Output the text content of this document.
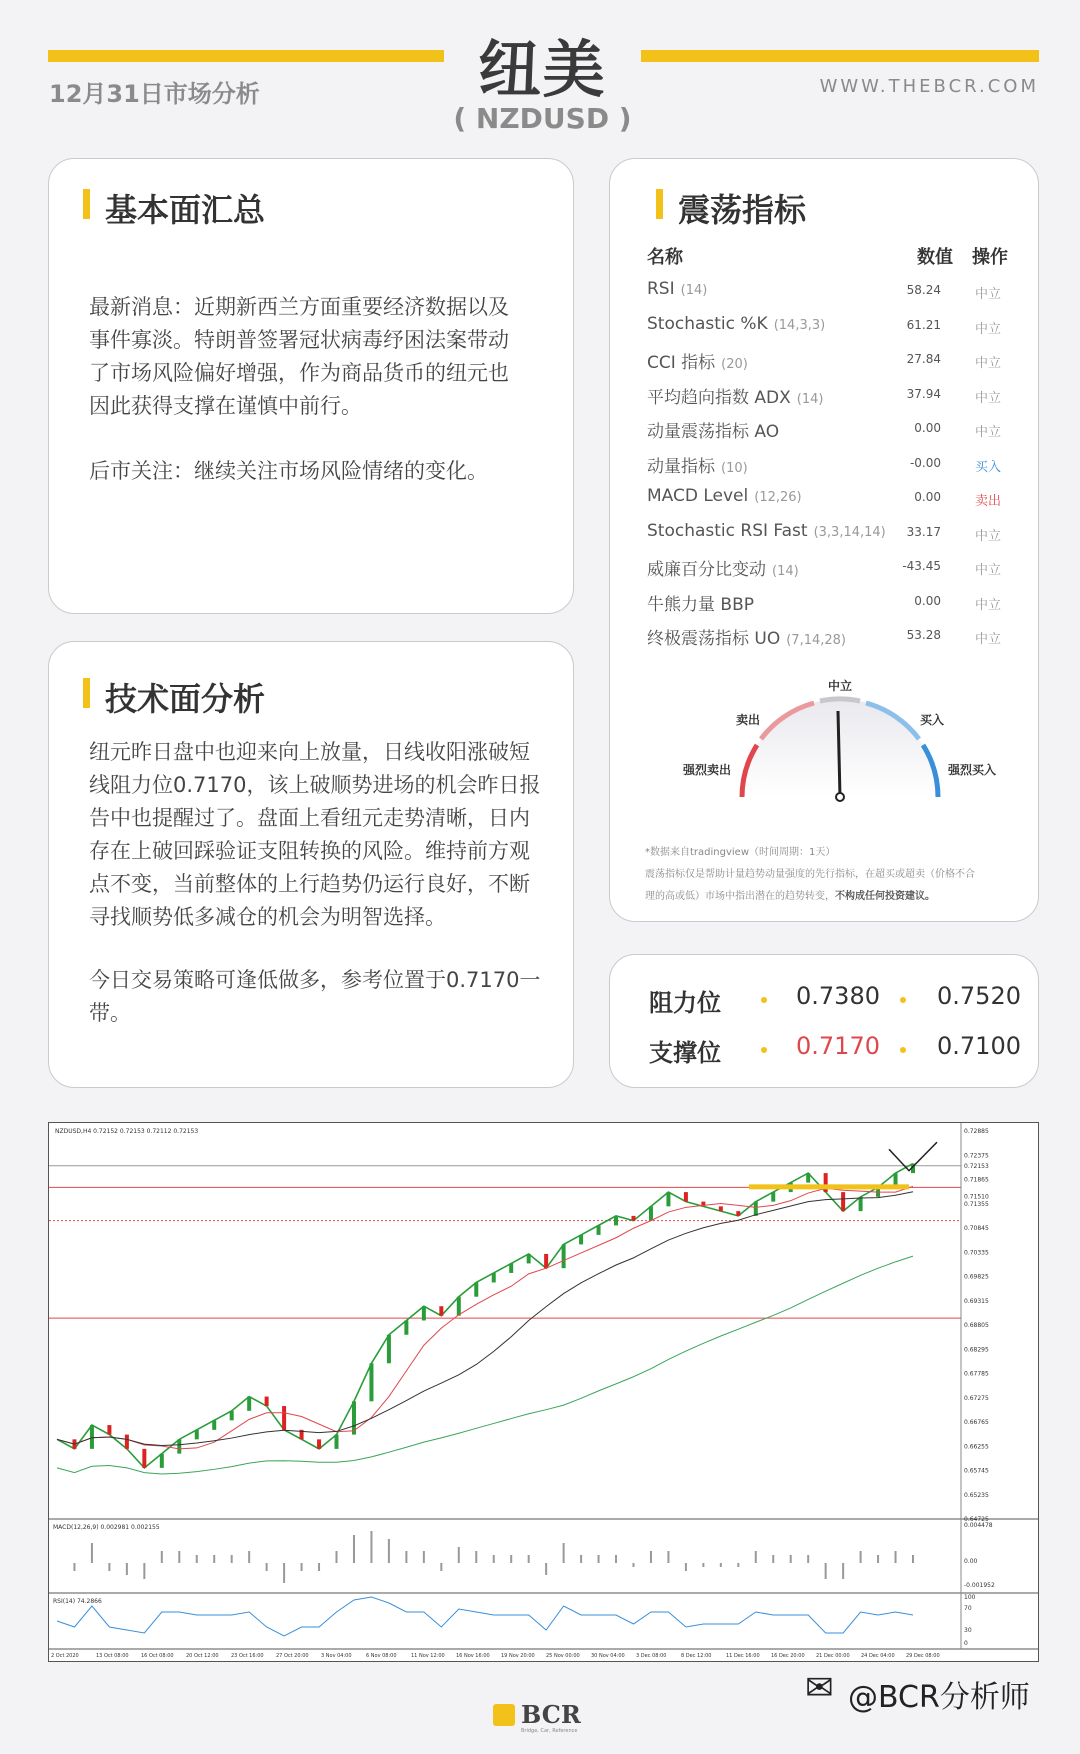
12月31日市场分析	纽美
( NZDUSD )
WWW.THEBCR.COM
基本面汇总
最新消息：近期新西兰方面重要经济数据以及
事件寡淡。特朗普签署冠状病毒纾困法案带动
了市场风险偏好增强，作为商品货币的纽元也
因此获得支撑在谨慎中前行。
后市关注：继续关注市场风险情绪的变化。
技术面分析
纽元昨日盘中也迎来向上放量，日线收阳涨破短
线阻力位0.7170，该上破顺势进场的机会昨日报
告中也提醒过了。盘面上看纽元走势清晰，日内
存在上破回踩验证支阻转换的风险。维持前方观
点不变，当前整体的上行趋势仍运行良好，不断
寻找顺势低多减仓的机会为明智选择。
今日交易策略可逢低做多，参考位置于0.7170一
带。
震荡指标
名称	数值 操作
RSI (14)	58.24	中立
Stochastic %K (14,3,3)	61.21	中立
CCI 指标 (20)	27.84	中立
平均趋向指数 ADX (14)	37.94	中立
动量震荡指标 AO	0.00	中立
动量指标 (10)	-0.00	买入
MACD Level (12,26)	0.00	卖出
Stochastic RSI Fast (3,3,14,14) 33.17	中立
威廉百分比变动 (14)	-43.45	中立
牛熊力量 BBP	0.00	中立
终极震荡指标 UO (7,14,28)	53.28	中立
中立
卖出	买入
强烈卖出	强烈买入
*数据来自tradingview（时间周期：1天）
震荡指标仅是帮助计量趋势动量强度的先行指标，在超买或超卖（价格不合
理的高或低）市场中指出潜在的趋势转变，不构成任何投资建议。
阻力位	0.7380 0.7520
支撑位	0.7170 0.7100
NZDUSD,H4 0.72152 0.72153 0.72112 0.72153	0.72885
0.72375
0.72153
0.71865
0.71510
0.71355
0.70845
0.70335
0.69825
0.69315
0.68805
0.68295
0.67785
0.67275
0.66765
0.66255
0.65745
0.65235
0.64725
MACD(12,26,9) 0.002981 0.002155	0.004478
0.00
-0.001952
RSI(14) 74.2866
100
70
30
0
2 Oct 2020	13 Oct 08:00 16 Oct 08:00 20 Oct 12:00 23 Oct 16:00 27 Oct 20:00 3 Nov 04:00	6 Nov 08:00	11 Nov 12:00 16 Nov 16:00 19 Nov 20:00 25 Nov 00:00 30 Nov 04:00 3 Dec 08:00	8 Dec 12:00	11 Dec 16:00 16 Dec 20:00 21 Dec 00:00 24 Dec 04:00 29 Dec 08:00
BCR
Bridge, Car, Reference
✉ @BCR分析师
